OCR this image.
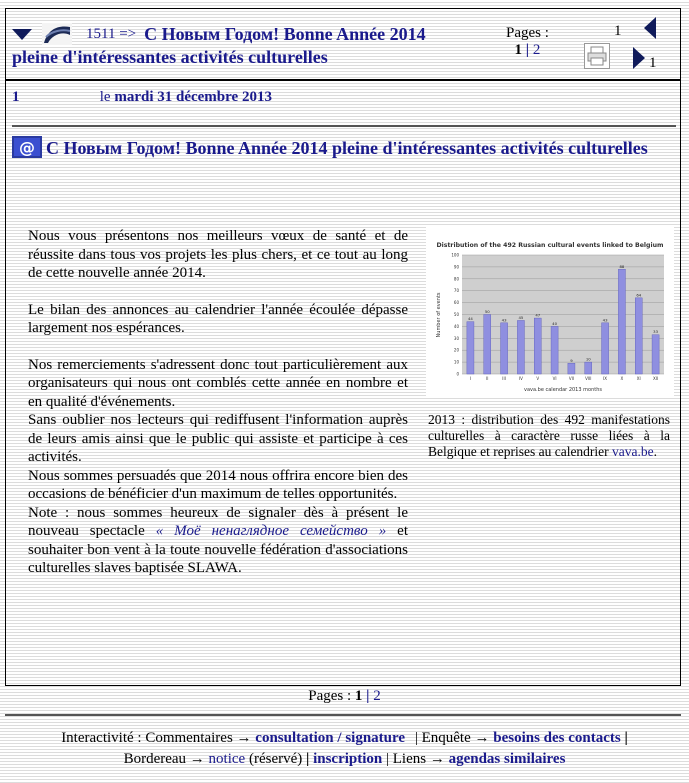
1511 => С Новым Годом! Bonne Année 2014
pleine d'intéressantes activités culturelles
Pages :
1 | 2
1
1
1	le mardi 31 décembre 2013
@ С Новым Годом! Bonne Année 2014 pleine d'intéressantes activités culturelles

Nous vous présentons nos meilleurs vœux de santé et de réussite dans tous vos projets les plus chers, et ce tout au long de cette nouvelle année 2014.

Le bilan des annonces au calendrier l'année écoulée dépasse largement nos espérances.

Nos remerciements s'adressent donc tout particulièrement aux organisateurs qui nous ont comblés cette année en nombre et en qualité d'événements.

Sans oublier nos lecteurs qui rediffusent l'information auprès de leurs amis ainsi que le public qui assiste et participe à ces activités.

Nous sommes persuadés que 2014 nous offrira encore bien des occasions de bénéficier d'un maximum de telles opportunités.

Note : nous sommes heureux de signaler dès à présent le nouveau spectacle « Моё ненаглядное семейство » et souhaiter bon vent à la toute nouvelle fédération d'associations culturelles slaves baptisée SLAWA.

Distribution of the 492 Russian cultural events linked to Belgium
0
10
20
30
40
50
60
70
80
90
100
I	II	III	IV	V	VI	VII	VIII	IX	X	XI	XII
44
50
43	45	47
40
9	10
43
88
64
33
vava.be calendar 2013 months
Number of events
2013 : distribution des 492 manifestations culturelles à caractère russe liées à la Belgique et reprises au calendrier vava.be.
Pages : 1 | 2
Interactivité : Commentaires → consultation / signature | Enquête → besoins des contacts |
Bordereau → notice (réservé) | inscription | Liens → agendas similaires
